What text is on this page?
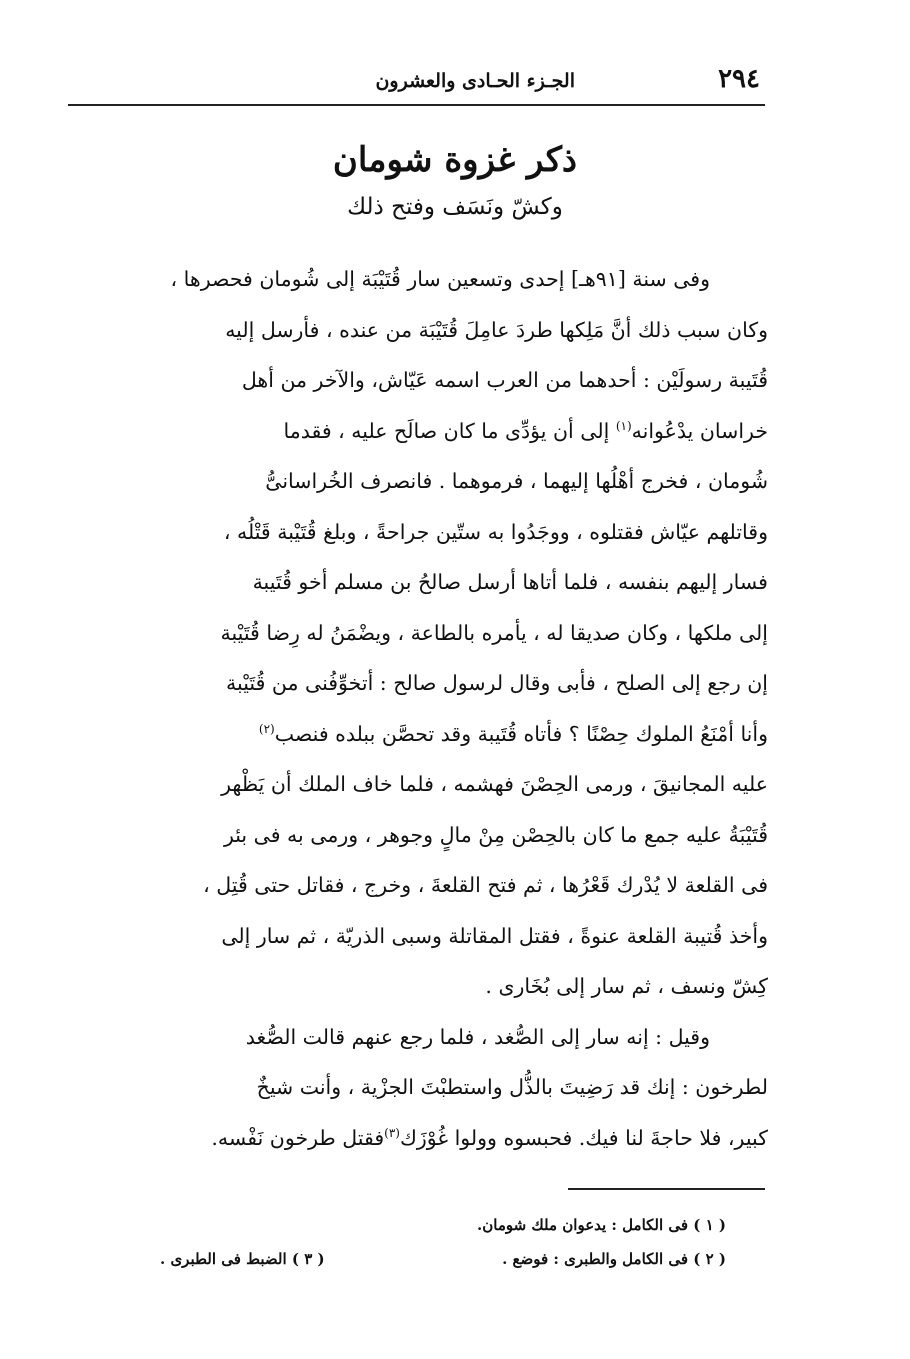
٢٩٤
الجـزء الحـادى والعشرون
ذكر غزوة شومان
وكشّ ونَسَف وفتح ذلك

وفى سنة [٩١هـ] إحدى وتسعين سار قُتَيْبَة إلى شُومان فحصرها ،
وكان سبب ذلك أنَّ مَلِكها طردَ عامِلَ قُتَيْبَة من عنده ، فأرسل إليه
قُتَيبة رسولَيْن : أحدهما من العرب اسمه عَيّاش، والآخر من أهل
خراسان يدْعُوانه$^{(١)}$ إلى أن يؤدِّى ما كان صالَح عليه ، فقدما
شُومان ، فخرج أهْلُها إليهما ، فرموهما . فانصرف الخُراسانىُّ
وقاتلهم عيّاش فقتلوه ، ووجَدُوا به ستّين جراحةً ، وبلغ قُتَيْبة قَتْلُه ،
فسار إليهم بنفسه ، فلما أتاها أرسل صالحُ بن مسلم أخو قُتَيبة
إلى ملكها ، وكان صديقا له ، يأمره بالطاعة ، ويضْمَنُ له رِضا قُتَيْبة
إن رجع إلى الصلح ، فأبى وقال لرسول صالح : أتخوِّفُنى من قُتَيْبة
وأنا أمْنَعُ الملوك حِصْنًا ؟ فأتاه قُتَيبة وقد تحصَّن ببلده فنصب$^{(٢)}$
عليه المجانيقَ ، ورمى الحِصْنَ فهشمه ، فلما خاف الملك أن يَظْهر
قُتَيْبَةُ عليه جمع ما كان بالحِصْن مِنْ مالٍ وجوهر ، ورمى به فى بئر
فى القلعة لا يُدْرك قَعْرُها ، ثم فتح القلعةَ ، وخرج ، فقاتل حتى قُتِل ،
وأخذ قُتيبة القلعة عنوةً ، فقتل المقاتلة وسبى الذريّة ، ثم سار إلى
كِشّ ونسف ، ثم سار إلى بُخَارى .

وقيل : إنه سار إلى الصُّغد ، فلما رجع عنهم قالت الصُّغد
لطرخون : إنك قد رَضِيتَ بالذُّل واستطبْتَ الجزْية ، وأنت شيخٌ
كبير، فلا حاجةَ لنا فيك. فحبسوه وولوا غُوْزَك$^{(٣)}$فقتل طرخون نَفْسه.

( ١ ) فى الكامل : يدعوان ملك شومان.
( ٢ ) فى الكامل والطبرى : فوضع .
( ٣ ) الضبط فى الطبرى .
